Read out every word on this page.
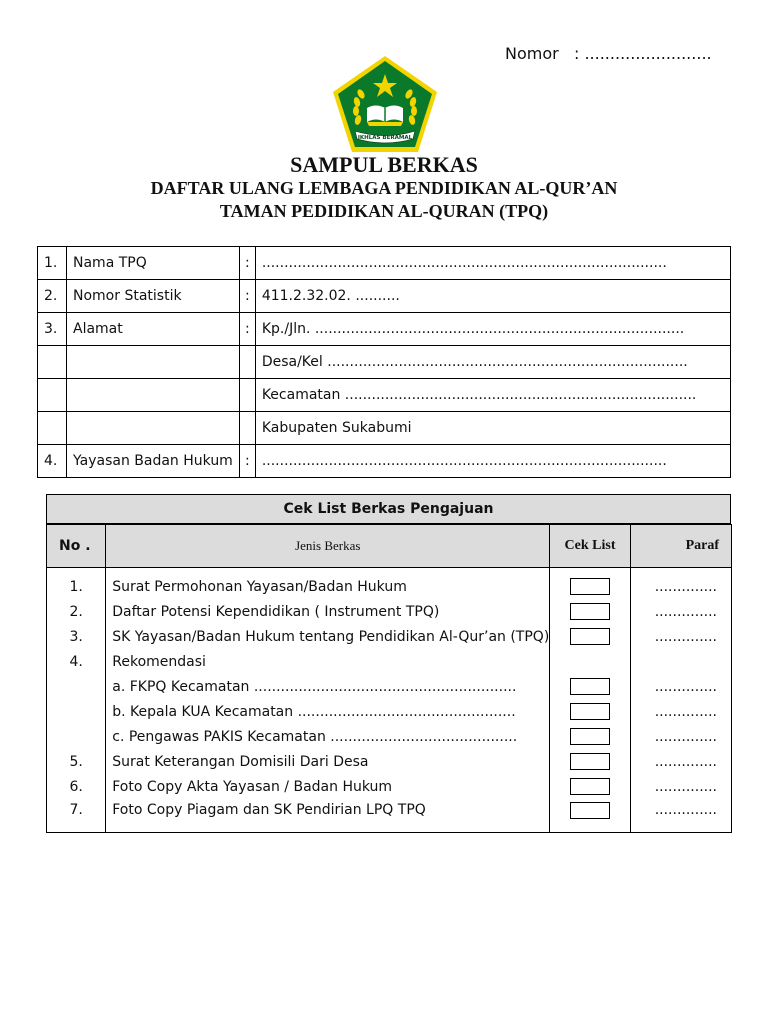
Nomor : .........................
IKHLAS BERAMAL
SAMPUL BERKAS
DAFTAR ULANG LEMBAGA PENDIDIKAN AL-QUR’AN
TAMAN PEDIDIKAN AL-QURAN (TPQ)
1.	Nama TPQ	:	...........................................................................................
2.	Nomor Statistik	:	411.2.32.02. ..........
3.	Alamat	:	Kp./Jln. ...................................................................................
			Desa/Kel .................................................................................
			Kecamatan ...............................................................................
			Kabupaten Sukabumi
4.	Yayasan Badan Hukum	:	...........................................................................................
Cek List Berkas Pengajuan
No .	Jenis Berkas	Cek List	Paraf

1.	Surat Permohonan Yayasan/Badan Hukum		..............
2.	Daftar Potensi Kependidikan ( Instrument TPQ)		..............
3.	SK Yayasan/Badan Hukum tentang Pendidikan Al-Qur’an (TPQ)		..............
4.	Rekomendasi		
	a. FKPQ Kecamatan ...........................................................		..............
	b. Kepala KUA Kecamatan .................................................		..............
	c. Pengawas PAKIS Kecamatan ..........................................		..............
5.	Surat Keterangan Domisili Dari Desa		..............
6.	Foto Copy Akta Yayasan / Badan Hukum		..............
7.	Foto Copy Piagam dan SK Pendirian LPQ TPQ		..............
